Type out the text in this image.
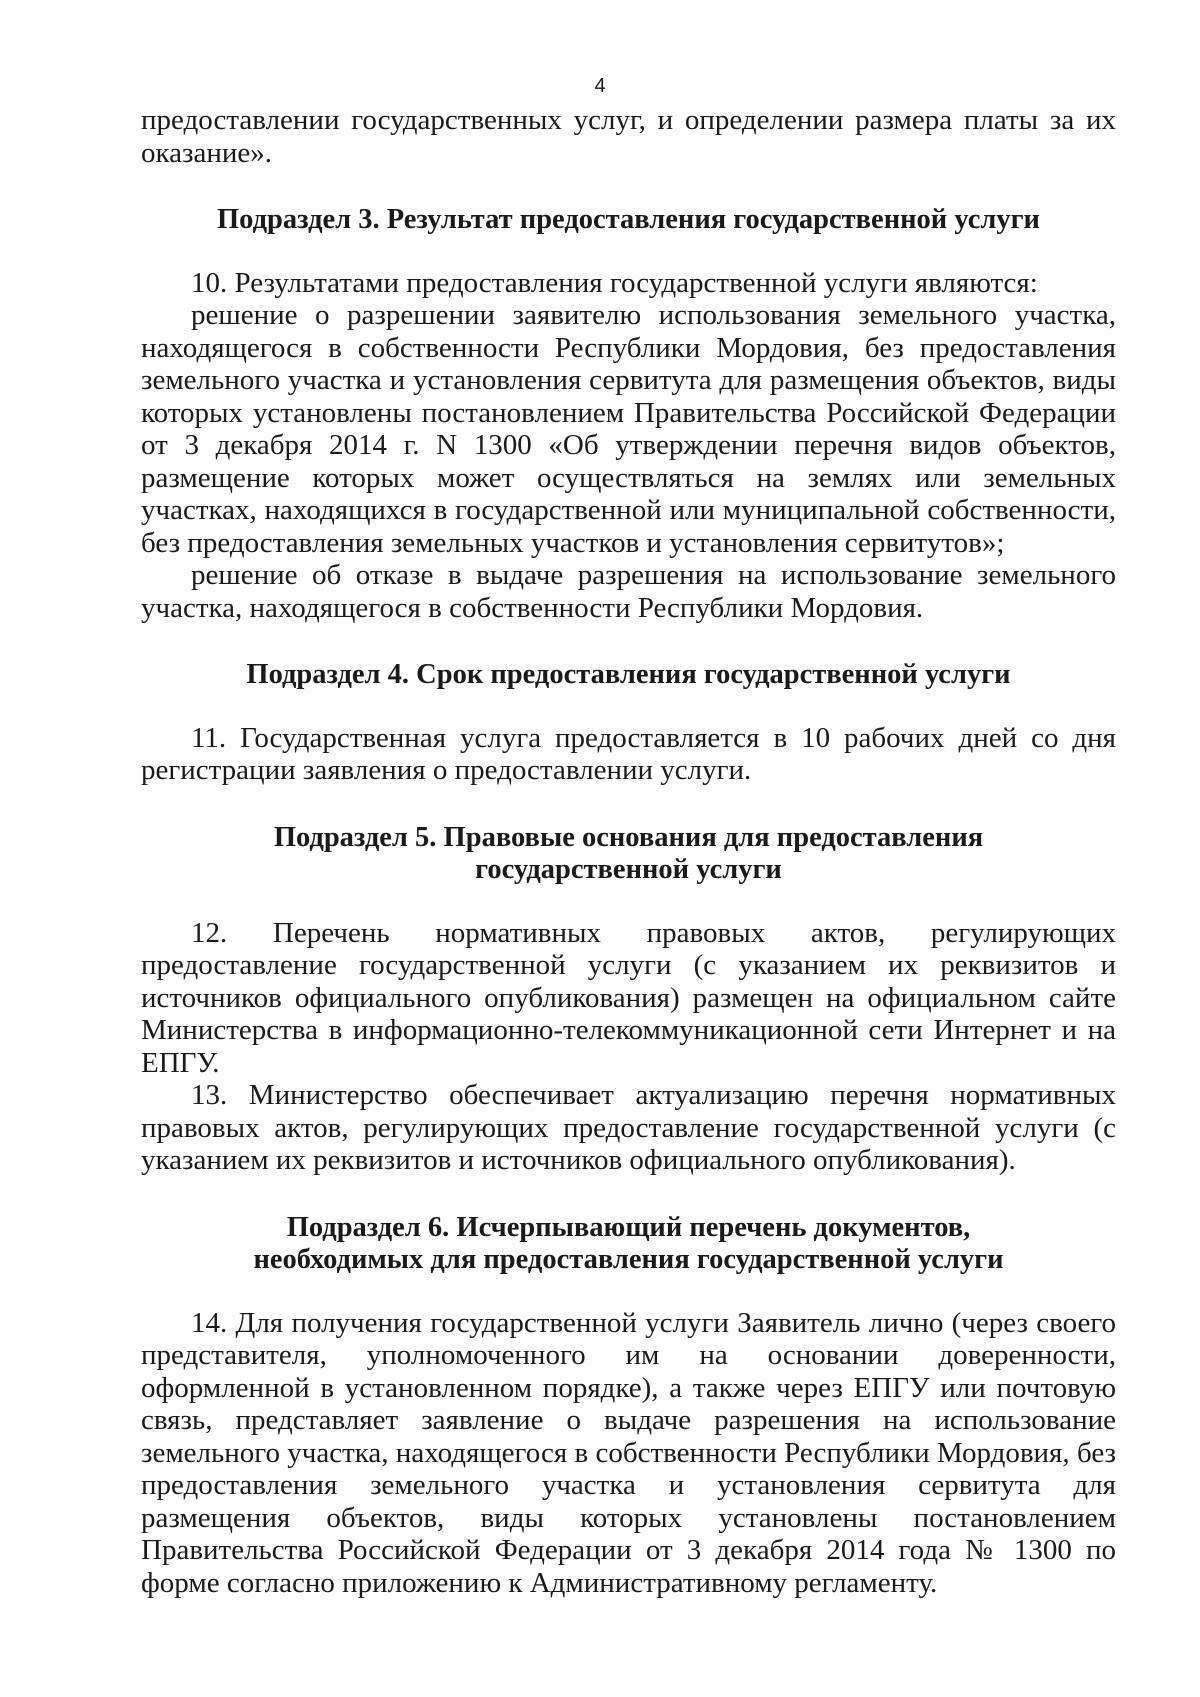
4

предоставлении государственных услуг, и определении размера платы за их оказание».

Подраздел 3. Результат предоставления государственной услуги

10. Результатами предоставления государственной услуги являются:

решение о разрешении заявителю использования земельного участка, находящегося в собственности Республики Мордовия, без предоставления земельного участка и установления сервитута для размещения объектов, виды которых установлены постановлением Правительства Российской Федерации от 3 декабря 2014 г. N 1300 «Об утверждении перечня видов объектов, размещение которых может осуществляться на землях или земельных участках, находящихся в государственной или муниципальной собственности, без предоставления земельных участков и установления сервитутов»;

решение об отказе в выдаче разрешения на использование земельного участка, находящегося в собственности Республики Мордовия.

Подраздел 4. Срок предоставления государственной услуги

11. Государственная услуга предоставляется в 10 рабочих дней со дня регистрации заявления о предоставлении услуги.

Подраздел 5. Правовые основания для предоставления
государственной услуги

12. Перечень нормативных правовых актов, регулирующих предоставление государственной услуги (с указанием их реквизитов и источников официального опубликования) размещен на официальном сайте Министерства в информационно-телекоммуникационной сети Интернет и на ЕПГУ.

13. Министерство обеспечивает актуализацию перечня нормативных правовых актов, регулирующих предоставление государственной услуги (с указанием их реквизитов и источников официального опубликования).

Подраздел 6. Исчерпывающий перечень документов,
необходимых для предоставления государственной услуги

14. Для получения государственной услуги Заявитель лично (через своего представителя, уполномоченного им на основании доверенности, оформленной в установленном порядке), а также через ЕПГУ или почтовую связь, представляет заявление о выдаче разрешения на использование земельного участка, находящегося в собственности Республики Мордовия, без предоставления земельного участка и установления сервитута для размещения объектов, виды которых установлены постановлением Правительства Российской Федерации от 3 декабря 2014 года № 1300 по форме согласно приложению к Административному регламенту.
